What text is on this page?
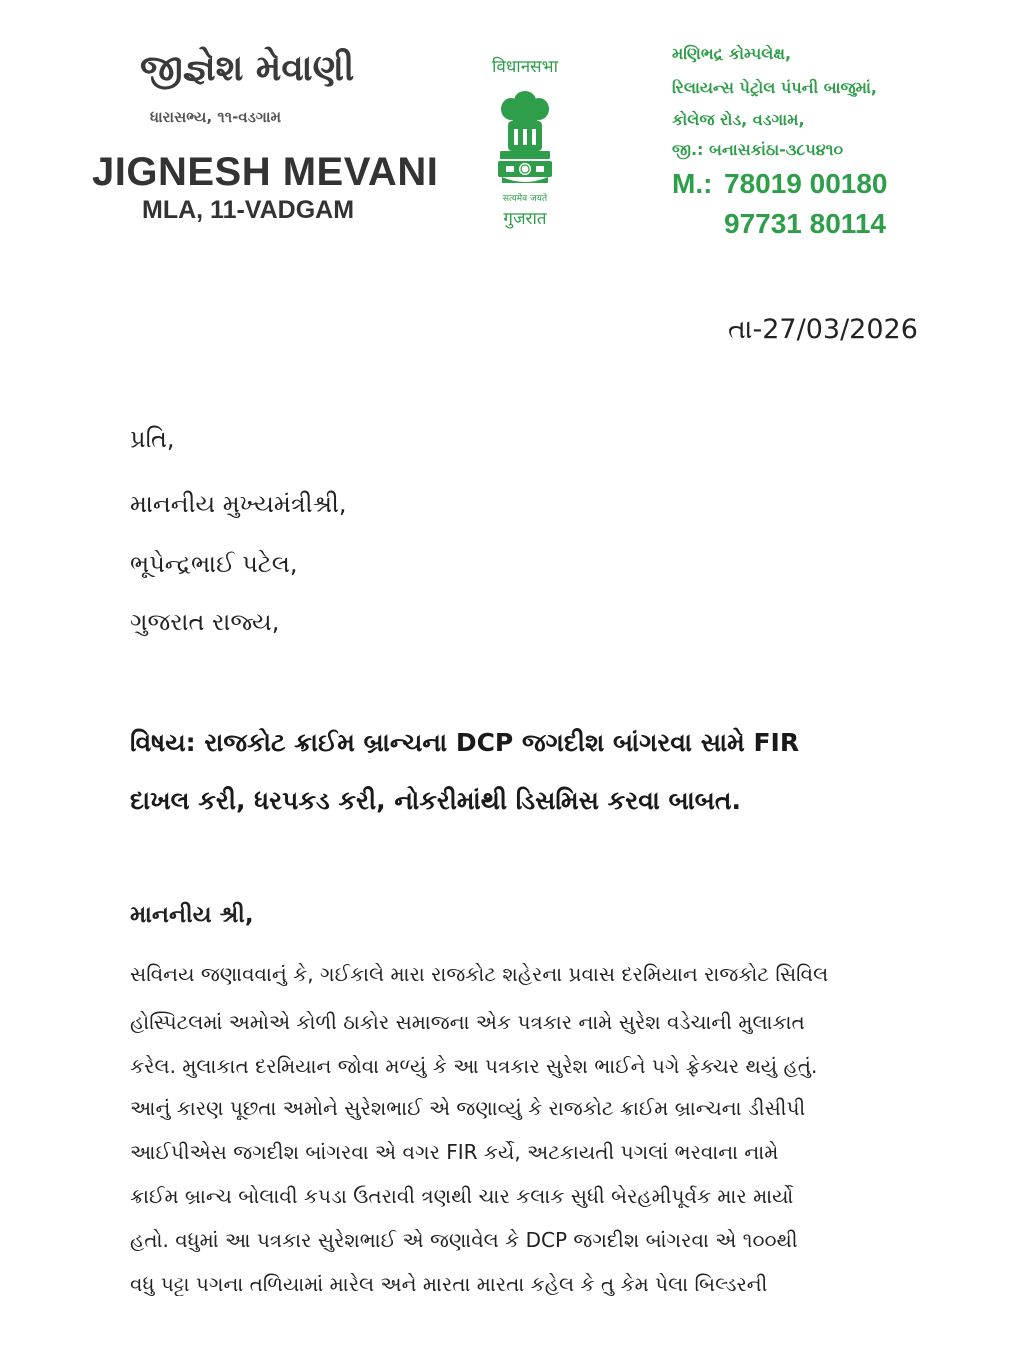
જીજ્ઞેશ મેવાણી
ધારાસભ્ય, ૧૧-વડગામ
JIGNESH MEVANI
MLA, 11-VADGAM
विधानसभा
सत्यमेव जयते
गुजरात
મણિભદ્ર કોમ્પલેક્ષ,
રિલાયન્સ પેટ્રોલ પંપની બાજુમાં,
કોલેજ રોડ, વડગામ,
જી.: બનાસકાંઠા-૩૮૫૪૧૦
M.: 78019 00180
97731 80114
તા-27/03/2026
પ્રતિ,
માનનીય મુખ્યમંત્રીશ્રી,
ભૂપેન્દ્રભાઈ પટેલ,
ગુજરાત રાજ્ય,
વિષય: રાજકોટ ક્રાઈમ બ્રાન્ચના DCP જગદીશ બાંગરવા સામે FIR
દાખલ કરી, ધરપકડ કરી, નોકરીમાંથી ડિસમિસ કરવા બાબત.
માનનીય શ્રી,
સવિનય જણાવવાનું કે, ગઈકાલે મારા રાજકોટ શહેરના પ્રવાસ દરમિયાન રાજકોટ સિવિલ
હોસ્પિટલમાં અમોએ કોળી ઠાકોર સમાજના એક પત્રકાર નામે સુરેશ વડેચાની મુલાકાત
કરેલ. મુલાકાત દરમિયાન જોવા મળ્યું કે આ પત્રકાર સુરેશ ભાઈને પગે ફ્રેક્ચર થયું હતું.
આનું કારણ પૂછતા અમોને સુરેશભાઈ એ જણાવ્યું કે રાજકોટ ક્રાઈમ બ્રાન્ચના ડીસીપી
આઈપીએસ જગદીશ બાંગરવા એ વગર FIR કર્યે, અટકાયતી પગલાં ભરવાના નામે
ક્રાઈમ બ્રાન્ચ બોલાવી કપડા ઉતરાવી ત્રણથી ચાર કલાક સુધી બેરહમીપૂર્વક માર માર્યો
હતો. વધુમાં આ પત્રકાર સુરેશભાઈ એ જણાવેલ કે DCP જગદીશ બાંગરવા એ ૧૦૦થી
વધુ પટ્ટા પગના તળિયામાં મારેલ અને મારતા મારતા કહેલ કે તુ કેમ પેલા બિલ્ડરની
